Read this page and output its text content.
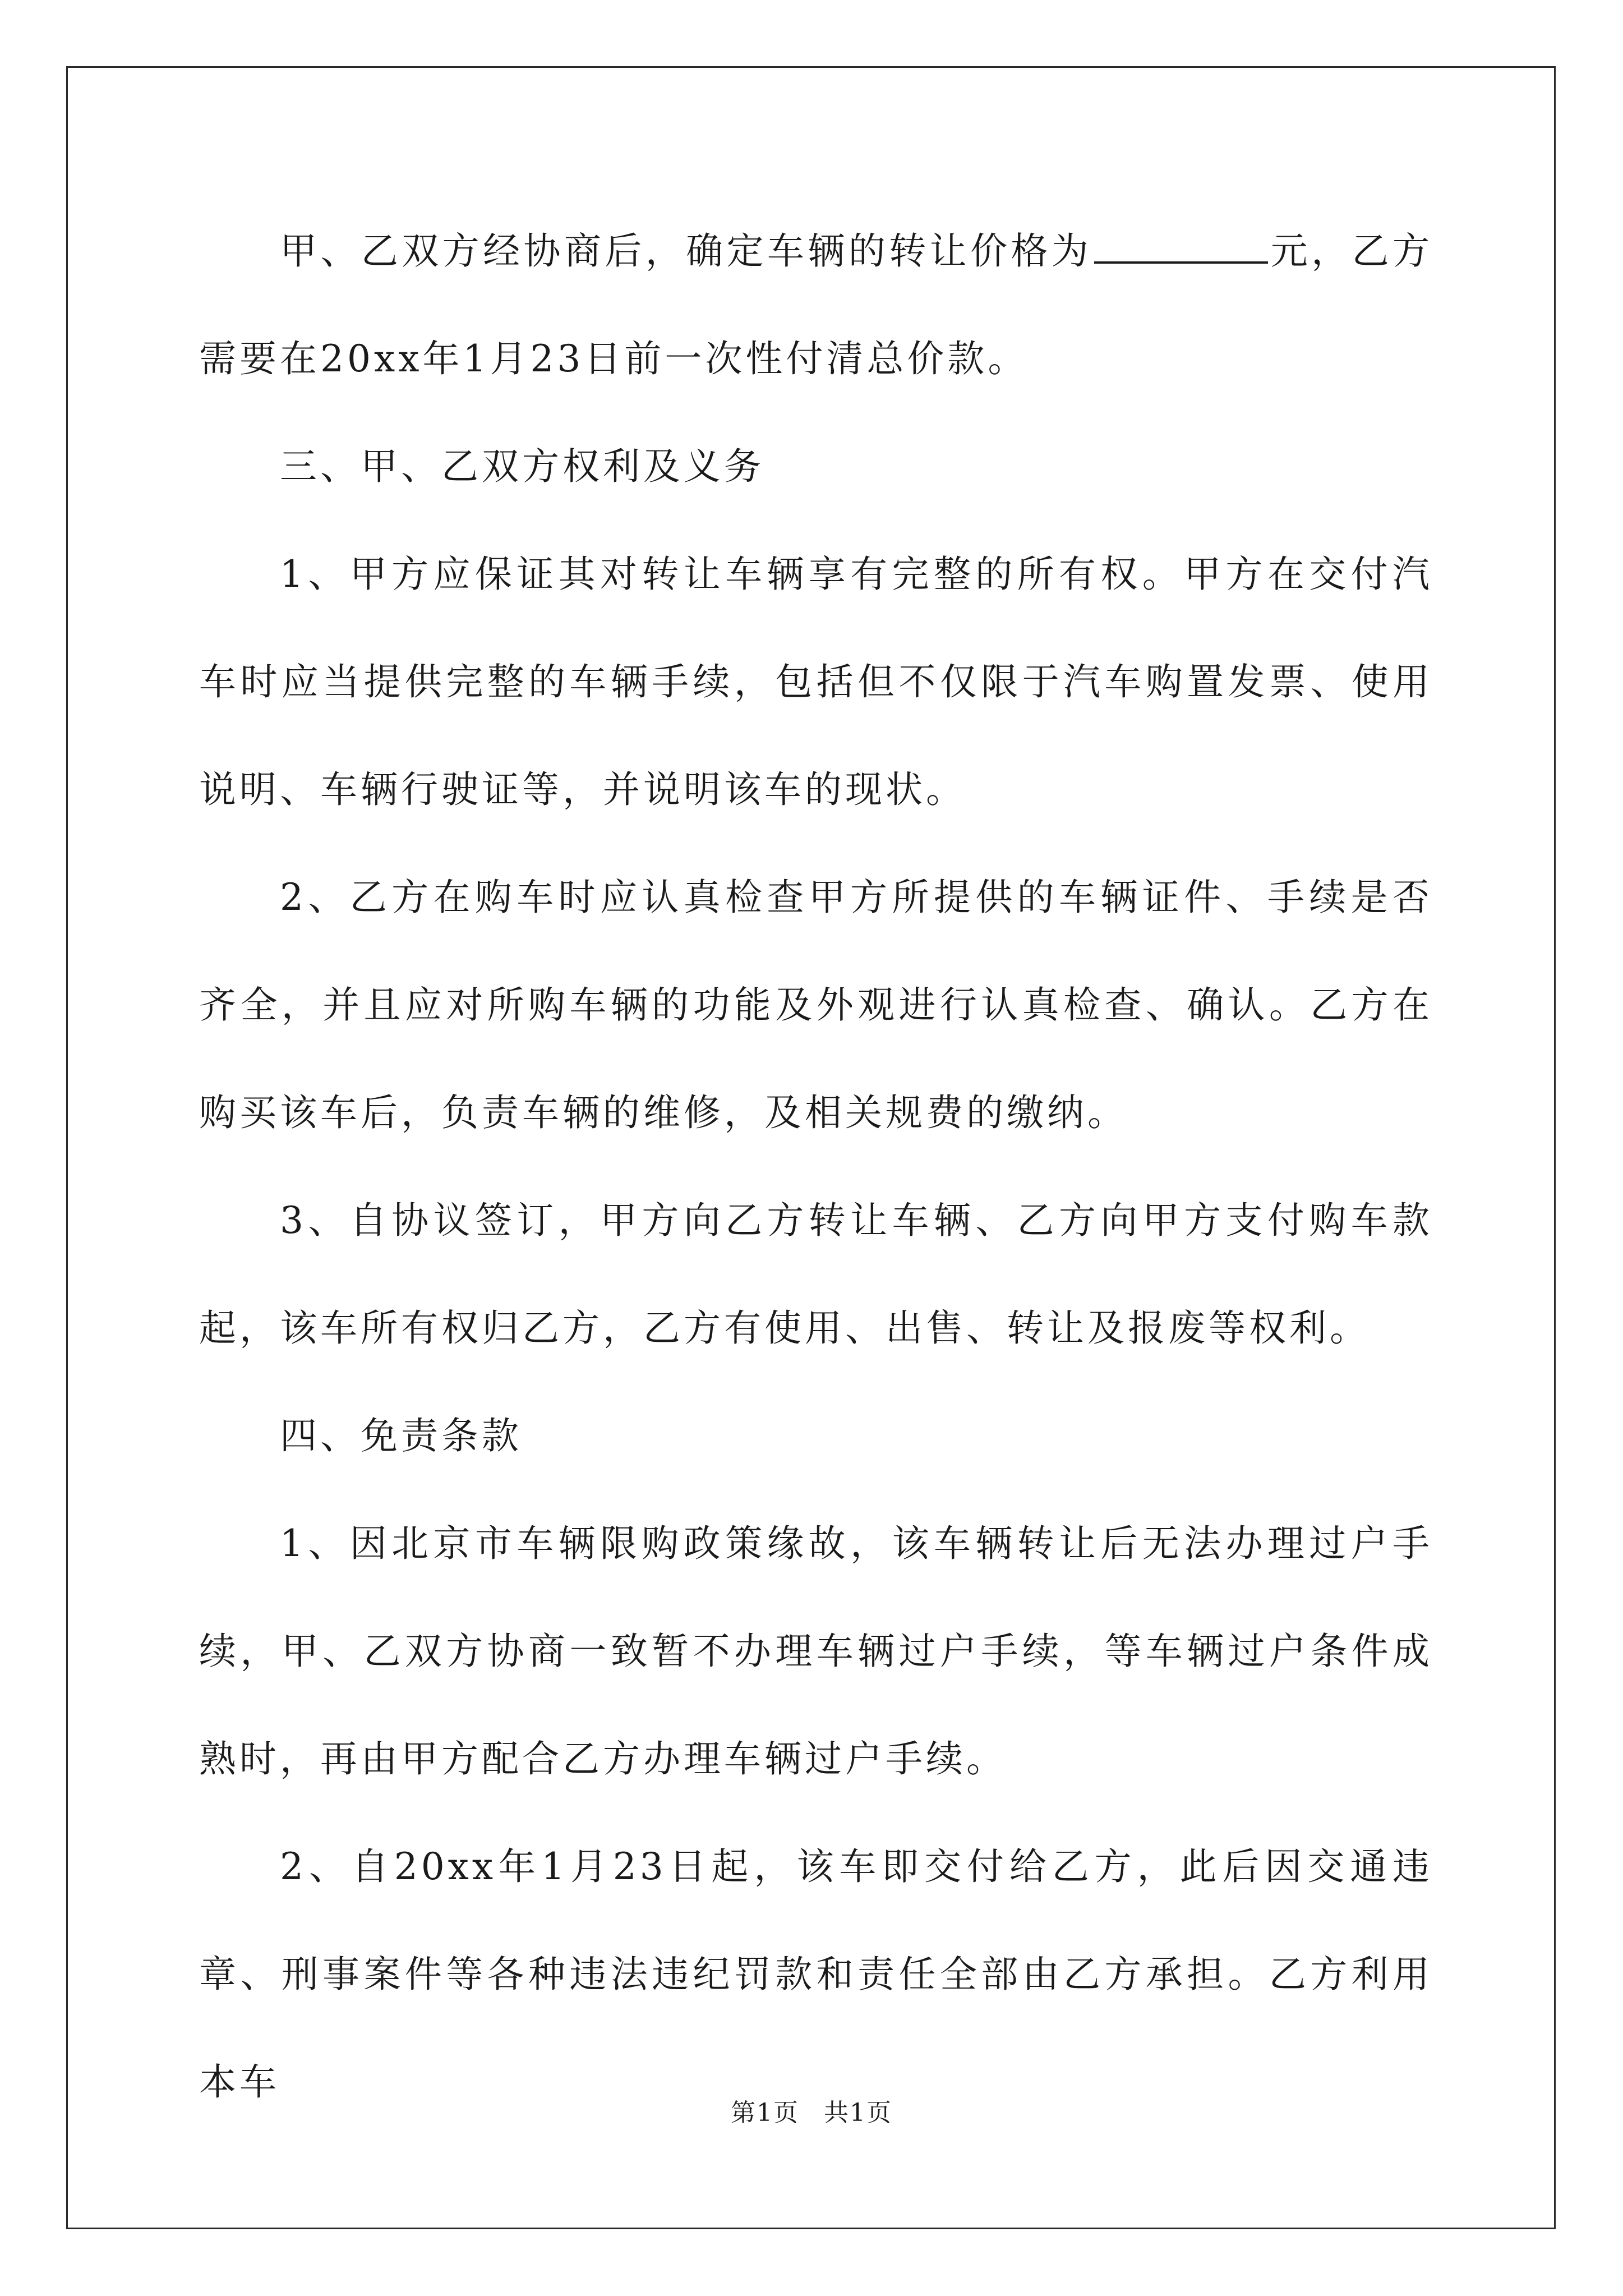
甲、乙双方经协商后，确定车辆的转让价格为	元，乙方需要在20xx年1月23日前一次性付清总价款。

三、甲、乙双方权利及义务

1、甲方应保证其对转让车辆享有完整的所有权。甲方在交付汽车时应当提供完整的车辆手续，包括但不仅限于汽车购置发票、使用说明、车辆行驶证等，并说明该车的现状。

2、乙方在购车时应认真检查甲方所提供的车辆证件、手续是否齐全，并且应对所购车辆的功能及外观进行认真检查、确认。乙方在购买该车后，负责车辆的维修，及相关规费的缴纳。

3、自协议签订，甲方向乙方转让车辆、乙方向甲方支付购车款起，该车所有权归乙方，乙方有使用、出售、转让及报废等权利。

四、免责条款

1、因北京市车辆限购政策缘故，该车辆转让后无法办理过户手续，甲、乙双方协商一致暂不办理车辆过户手续，等车辆过户条件成熟时，再由甲方配合乙方办理车辆过户手续。

2、自20xx年1月23日起，该车即交付给乙方，此后因交通违章、刑事案件等各种违法违纪罚款和责任全部由乙方承担。乙方利用本车

第1页 共1页
